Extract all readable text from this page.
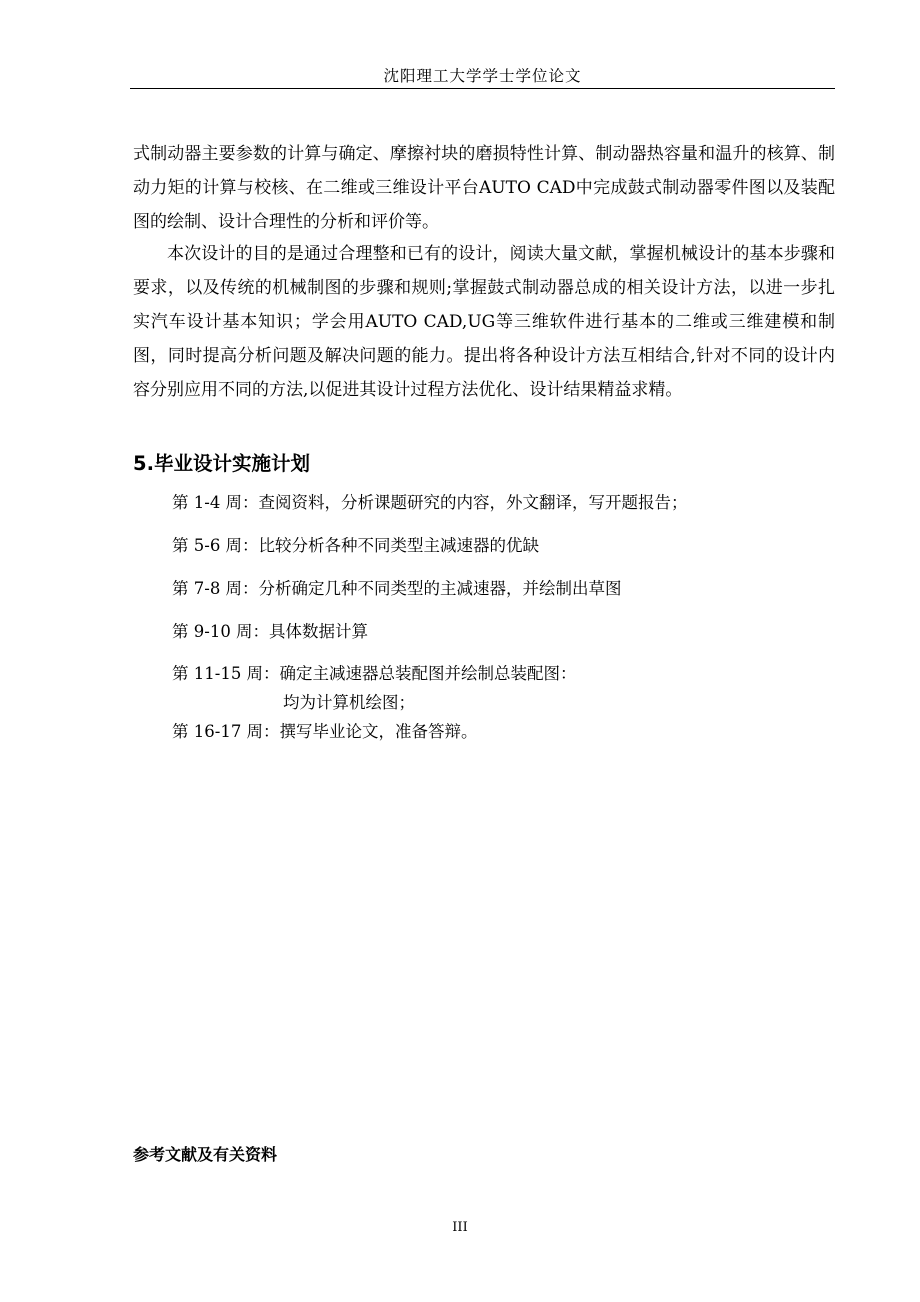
沈阳理工大学学士学位论文

式制动器主要参数的计算与确定、摩擦衬块的磨损特性计算、制动器热容量和温升的核算、制动力矩的计算与校核、在二维或三维设计平台AUTO CAD中完成鼓式制动器零件图以及装配图的绘制、设计合理性的分析和评价等。

本次设计的目的是通过合理整和已有的设计，阅读大量文献，掌握机械设计的基本步骤和要求，以及传统的机械制图的步骤和规则;掌握鼓式制动器总成的相关设计方法，以进一步扎实汽车设计基本知识；学会用AUTO CAD,UG等三维软件进行基本的二维或三维建模和制图，同时提高分析问题及解决问题的能力。提出将各种设计方法互相结合,针对不同的设计内容分别应用不同的方法,以促进其设计过程方法优化、设计结果精益求精。

5.毕业设计实施计划
第 1-4 周：查阅资料，分析课题研究的内容，外文翻译，写开题报告；
第 5-6 周：比较分析各种不同类型主减速器的优缺
第 7-8 周：分析确定几种不同类型的主减速器，并绘制出草图
第 9-10 周：具体数据计算
第 11-15 周：确定主减速器总装配图并绘制总装配图：
均为计算机绘图；
第 16-17 周：撰写毕业论文，准备答辩。
参考文献及有关资料
III
